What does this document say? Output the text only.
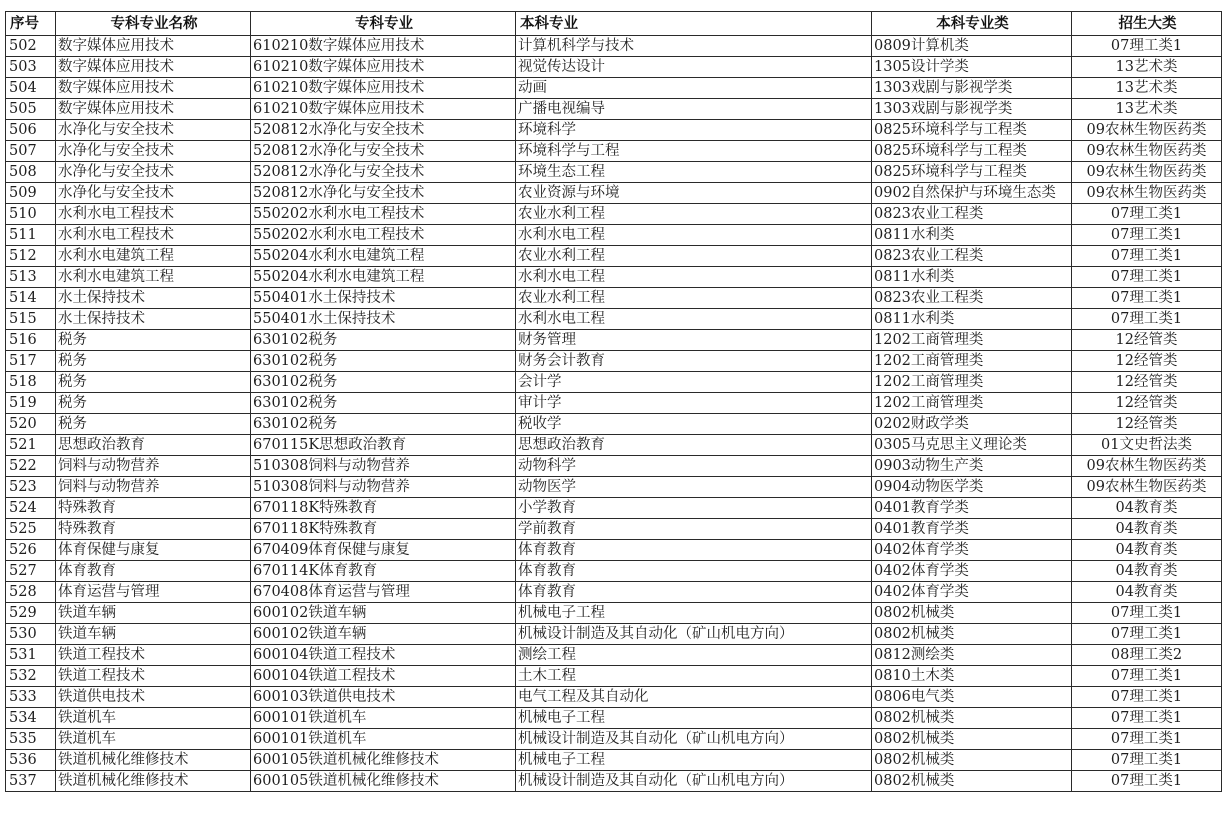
序号	专科专业名称	专科专业	本科专业	本科专业类	招生大类
502	数字媒体应用技术	610210数字媒体应用技术	计算机科学与技术	0809计算机类	07理工类1
503	数字媒体应用技术	610210数字媒体应用技术	视觉传达设计	1305设计学类	13艺术类
504	数字媒体应用技术	610210数字媒体应用技术	动画	1303戏剧与影视学类	13艺术类
505	数字媒体应用技术	610210数字媒体应用技术	广播电视编导	1303戏剧与影视学类	13艺术类
506	水净化与安全技术	520812水净化与安全技术	环境科学	0825环境科学与工程类	09农林生物医药类
507	水净化与安全技术	520812水净化与安全技术	环境科学与工程	0825环境科学与工程类	09农林生物医药类
508	水净化与安全技术	520812水净化与安全技术	环境生态工程	0825环境科学与工程类	09农林生物医药类
509	水净化与安全技术	520812水净化与安全技术	农业资源与环境	0902自然保护与环境生态类	09农林生物医药类
510	水利水电工程技术	550202水利水电工程技术	农业水利工程	0823农业工程类	07理工类1
511	水利水电工程技术	550202水利水电工程技术	水利水电工程	0811水利类	07理工类1
512	水利水电建筑工程	550204水利水电建筑工程	农业水利工程	0823农业工程类	07理工类1
513	水利水电建筑工程	550204水利水电建筑工程	水利水电工程	0811水利类	07理工类1
514	水土保持技术	550401水土保持技术	农业水利工程	0823农业工程类	07理工类1
515	水土保持技术	550401水土保持技术	水利水电工程	0811水利类	07理工类1
516	税务	630102税务	财务管理	1202工商管理类	12经管类
517	税务	630102税务	财务会计教育	1202工商管理类	12经管类
518	税务	630102税务	会计学	1202工商管理类	12经管类
519	税务	630102税务	审计学	1202工商管理类	12经管类
520	税务	630102税务	税收学	0202财政学类	12经管类
521	思想政治教育	670115K思想政治教育	思想政治教育	0305马克思主义理论类	01文史哲法类
522	饲料与动物营养	510308饲料与动物营养	动物科学	0903动物生产类	09农林生物医药类
523	饲料与动物营养	510308饲料与动物营养	动物医学	0904动物医学类	09农林生物医药类
524	特殊教育	670118K特殊教育	小学教育	0401教育学类	04教育类
525	特殊教育	670118K特殊教育	学前教育	0401教育学类	04教育类
526	体育保健与康复	670409体育保健与康复	体育教育	0402体育学类	04教育类
527	体育教育	670114K体育教育	体育教育	0402体育学类	04教育类
528	体育运营与管理	670408体育运营与管理	体育教育	0402体育学类	04教育类
529	铁道车辆	600102铁道车辆	机械电子工程	0802机械类	07理工类1
530	铁道车辆	600102铁道车辆	机械设计制造及其自动化（矿山机电方向）	0802机械类	07理工类1
531	铁道工程技术	600104铁道工程技术	测绘工程	0812测绘类	08理工类2
532	铁道工程技术	600104铁道工程技术	土木工程	0810土木类	07理工类1
533	铁道供电技术	600103铁道供电技术	电气工程及其自动化	0806电气类	07理工类1
534	铁道机车	600101铁道机车	机械电子工程	0802机械类	07理工类1
535	铁道机车	600101铁道机车	机械设计制造及其自动化（矿山机电方向）	0802机械类	07理工类1
536	铁道机械化维修技术	600105铁道机械化维修技术	机械电子工程	0802机械类	07理工类1
537	铁道机械化维修技术	600105铁道机械化维修技术	机械设计制造及其自动化（矿山机电方向）	0802机械类	07理工类1
